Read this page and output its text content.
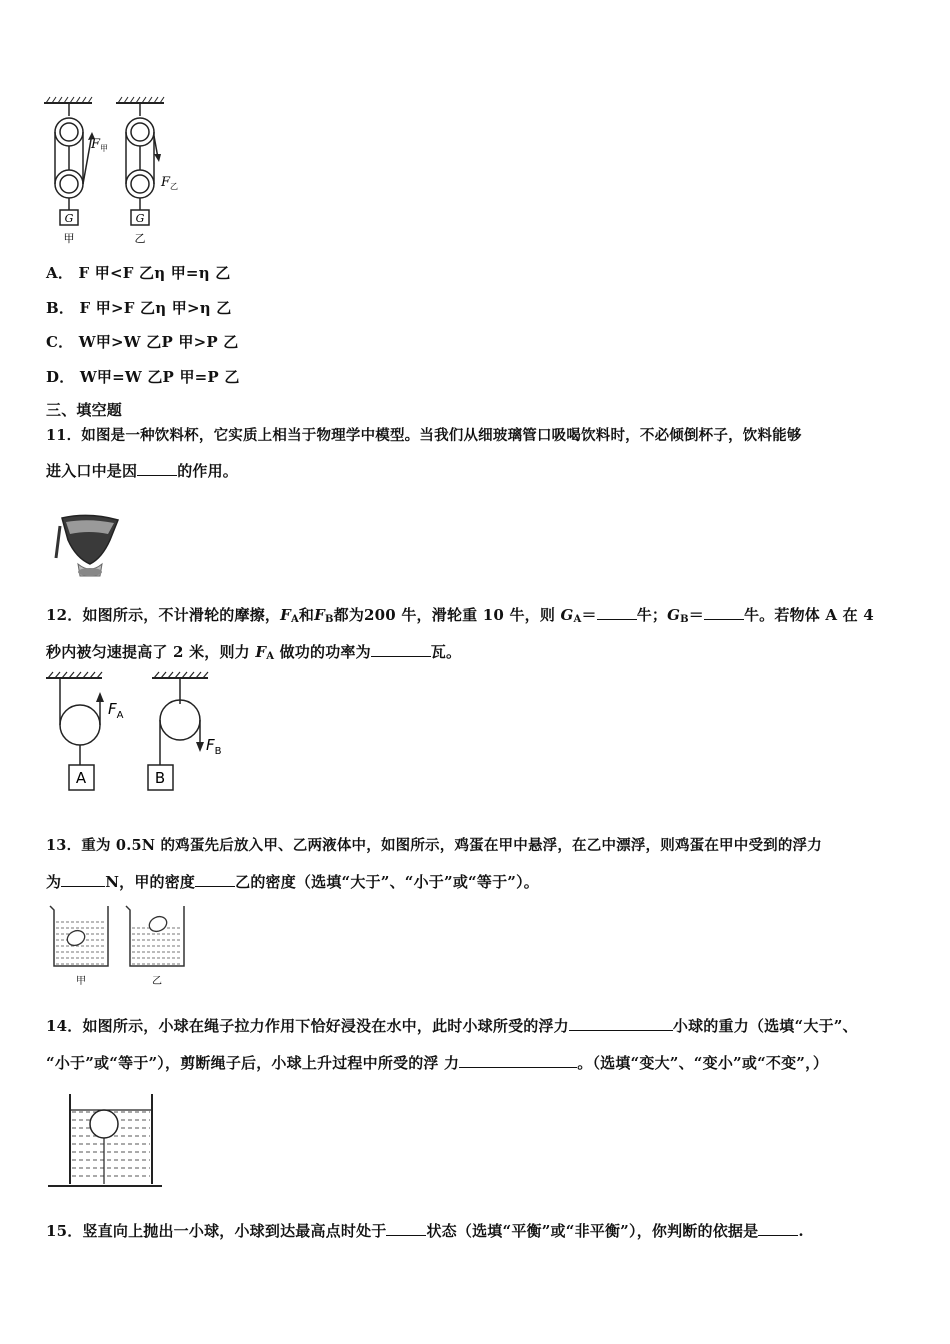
G
$F_甲$
甲
G
$F_乙$
乙
A． F 甲<F 乙η 甲=η 乙
B． F 甲>F 乙η 甲>η 乙
C． W甲>W 乙P 甲>P 乙
D． W甲=W 乙P 甲=P 乙
三、填空题
11．如图是一种饮料杯，它实质上相当于物理学中模型。当我们从细玻璃管口吸喝饮料时，不必倾倒杯子，饮料能够
进入口中是因	的作用。
12．如图所示，不计滑轮的摩擦，FA和FB都为200 牛，滑轮重 10 牛，则 GA＝	牛；GB＝	牛。若物体 A 在 4
秒内被匀速提高了 2 米，则力 FA 做功的功率为	瓦。
A
$F_A$
B
$F_B$
13．重为 0.5N 的鸡蛋先后放入甲、乙两液体中，如图所示，鸡蛋在甲中悬浮，在乙中漂浮，则鸡蛋在甲中受到的浮力
为	N，甲的密度	乙的密度（选填“大于”、“小于”或“等于”）。
甲	乙
14．如图所示，小球在绳子拉力作用下恰好浸没在水中，此时小球所受的浮力	小球的重力（选填“大于”、
“小于”或“等于”），剪断绳子后，小球上升过程中所受的浮 力	。（选填“变大”、“变小”或“不变”，）
15．竖直向上抛出一小球，小球到达最高点时处于	状态（选填“平衡”或“非平衡”），你判断的依据是	.
